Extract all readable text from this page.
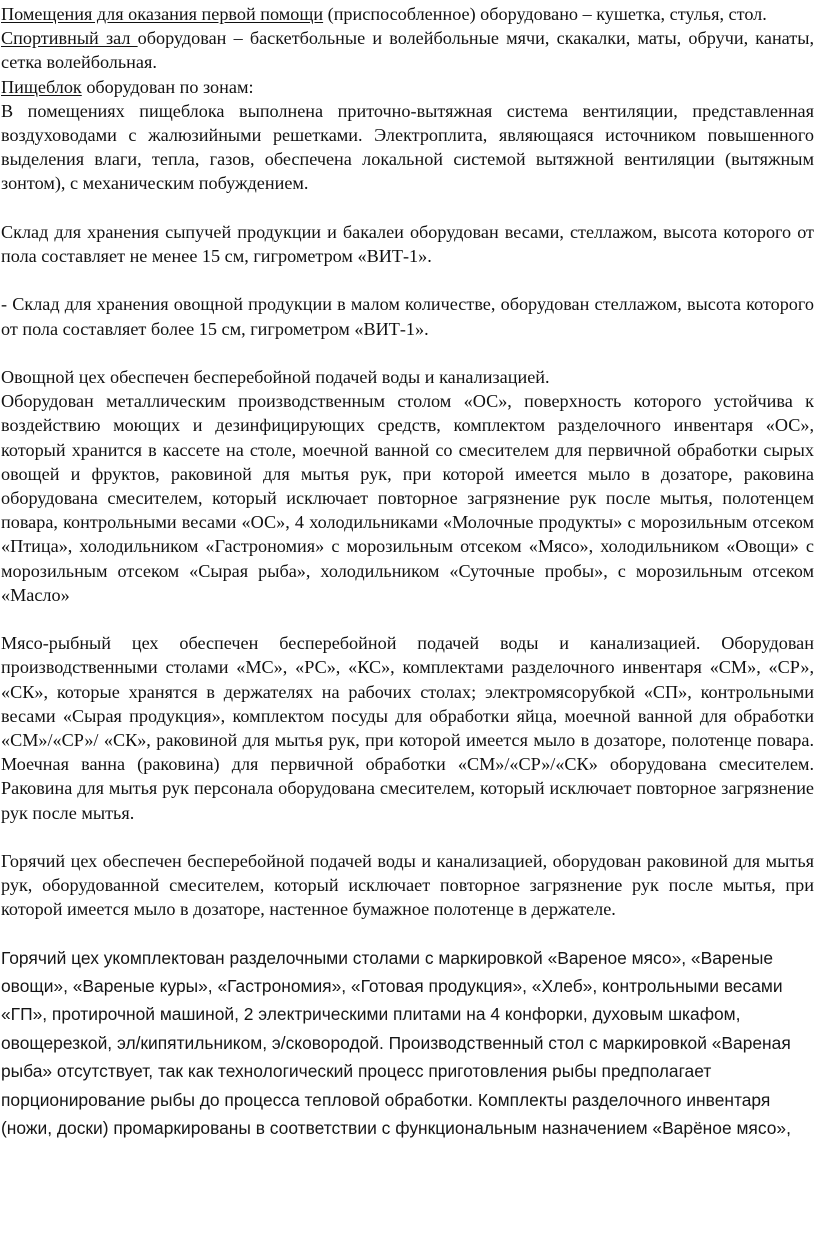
Помещения для оказания первой помощи (приспособленное) оборудовано – кушетка, стулья, стол.

Спортивный зал оборудован – баскетбольные и волейбольные мячи, скакалки, маты, обручи, канаты, сетка волейбольная.

Пищеблок оборудован по зонам:

В помещениях пищеблока выполнена приточно-вытяжная система вентиляции, представленная воздуховодами с жалюзийными решетками. Электроплита, являющаяся источником повышенного выделения влаги, тепла, газов, обеспечена локальной системой вытяжной вентиляции (вытяжным зонтом), с механическим побуждением.

Склад для хранения сыпучей продукции и бакалеи оборудован весами, стеллажом, высота которого от пола составляет не менее 15 см, гигрометром «ВИТ-1».

- Склад для хранения овощной продукции в малом количестве, оборудован стеллажом, высота которого от пола составляет более 15 см, гигрометром «ВИТ-1».

Овощной цех обеспечен бесперебойной подачей воды и канализацией.

Оборудован металлическим производственным столом «ОС», поверхность которого устойчива к воздействию моющих и дезинфицирующих средств, комплектом разделочного инвентаря «ОС», который хранится в кассете на столе, моечной ванной со смесителем для первичной обработки сырых овощей и фруктов, раковиной для мытья рук, при которой имеется мыло в дозаторе, раковина оборудована смесителем, который исключает повторное загрязнение рук после мытья, полотенцем повара, контрольными весами «ОС», 4 холодильниками «Молочные продукты» с морозильным отсеком «Птица», холодильником «Гастрономия» с морозильным отсеком «Мясо», холодильником «Овощи» с морозильным отсеком «Сырая рыба», холодильником «Суточные пробы», с морозильным отсеком «Масло»

Мясо-рыбный цех обеспечен бесперебойной подачей воды и канализацией. Оборудован производственными столами «МС», «РС», «КС», комплектами разделочного инвентаря «СМ», «СР», «СК», которые хранятся в держателях на рабочих столах; электромясорубкой «СП», контрольными весами «Сырая продукция», комплектом посуды для обработки яйца, моечной ванной для обработки «СМ»/«СР»/ «СК», раковиной для мытья рук, при которой имеется мыло в дозаторе, полотенце повара. Моечная ванна (раковина) для первичной обработки «СМ»/«СР»/«СК» оборудована смесителем. Раковина для мытья рук персонала оборудована смесителем, который исключает повторное загрязнение рук после мытья.

Горячий цех обеспечен бесперебойной подачей воды и канализацией, оборудован раковиной для мытья рук, оборудованной смесителем, который исключает повторное загрязнение рук после мытья, при которой имеется мыло в дозаторе, настенное бумажное полотенце в держателе.

Горячий цех укомплектован разделочными столами с маркировкой «Вареное мясо», «Вареные овощи», «Вареные куры», «Гастрономия», «Готовая продукция», «Хлеб», контрольными весами «ГП», протирочной машиной, 2 электрическими плитами на 4 конфорки, духовым шкафом, овощерезкой, эл/кипятильником, э/сковородой. Производственный стол с маркировкой «Вареная рыба» отсутствует, так как технологический процесс приготовления рыбы предполагает порционирование рыбы до процесса тепловой обработки. Комплекты разделочного инвентаря (ножи, доски) промаркированы в соответствии с функциональным назначением «Варёное мясо»,
